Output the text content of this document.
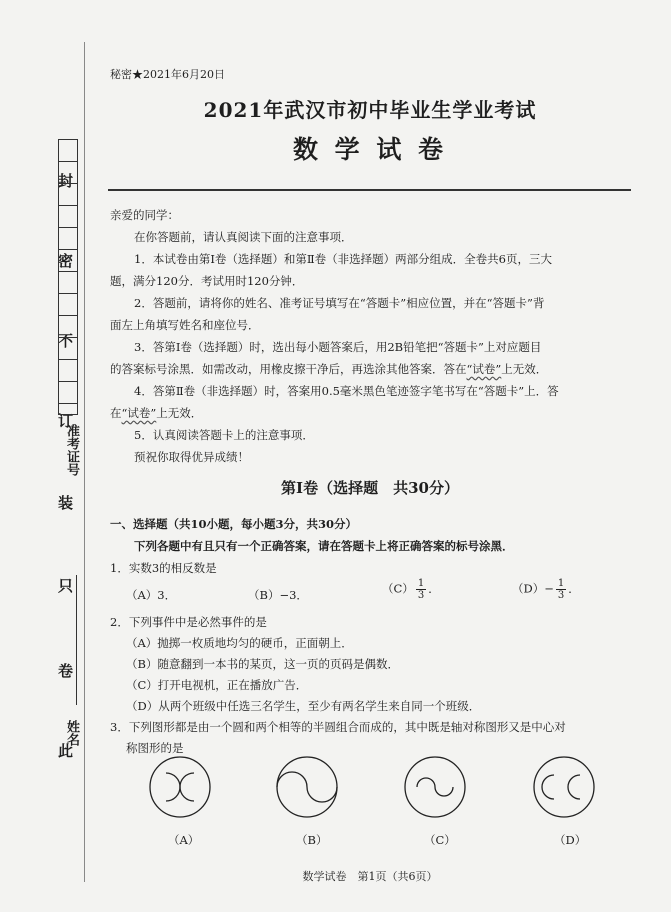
封
密
不
订
装
只
卷
此
准考证号
姓名
秘密★2021年6月20日
2021年武汉市初中毕业生学业考试
数 学 试 卷
亲爱的同学：
在你答题前，请认真阅读下面的注意事项．
1．本试卷由第Ⅰ卷（选择题）和第Ⅱ卷（非选择题）两部分组成．全卷共6页，三大
题，满分120分．考试用时120分钟．
2．答题前，请将你的姓名、准考证号填写在“答题卡”相应位置，并在“答题卡”背
面左上角填写姓名和座位号．
3．答第Ⅰ卷（选择题）时，选出每小题答案后，用2B铅笔把“答题卡”上对应题目
的答案标号涂黑．如需改动，用橡皮擦干净后，再选涂其他答案．答在“试卷”上无效．
4．答第Ⅱ卷（非选择题）时，答案用0.5毫米黑色笔迹签字笔书写在“答题卡”上．答
在“试卷”上无效．
5．认真阅读答题卡上的注意事项．
预祝你取得优异成绩！
第Ⅰ卷（选择题　共30分）
一、选择题（共10小题，每小题3分，共30分）
下列各题中有且只有一个正确答案，请在答题卡上将正确答案的标号涂黑．
1．实数3的相反数是
（A）3．	（B）−3．	$(C) \frac{1}{3}$ ．	$(D)- \frac{1}{3}$ ．
2．下列事件中是必然事件的是
（A）抛掷一枚质地均匀的硬币，正面朝上．
（B）随意翻到一本书的某页，这一页的页码是偶数．
（C）打开电视机，正在播放广告．
（D）从两个班级中任选三名学生，至少有两名学生来自同一个班级．
3．下列图形都是由一个圆和两个相等的半圆组合而成的，其中既是轴对称图形又是中心对
称图形的是
（A）	（B）	（C）	（D）
数学试卷　第1页（共6页）
